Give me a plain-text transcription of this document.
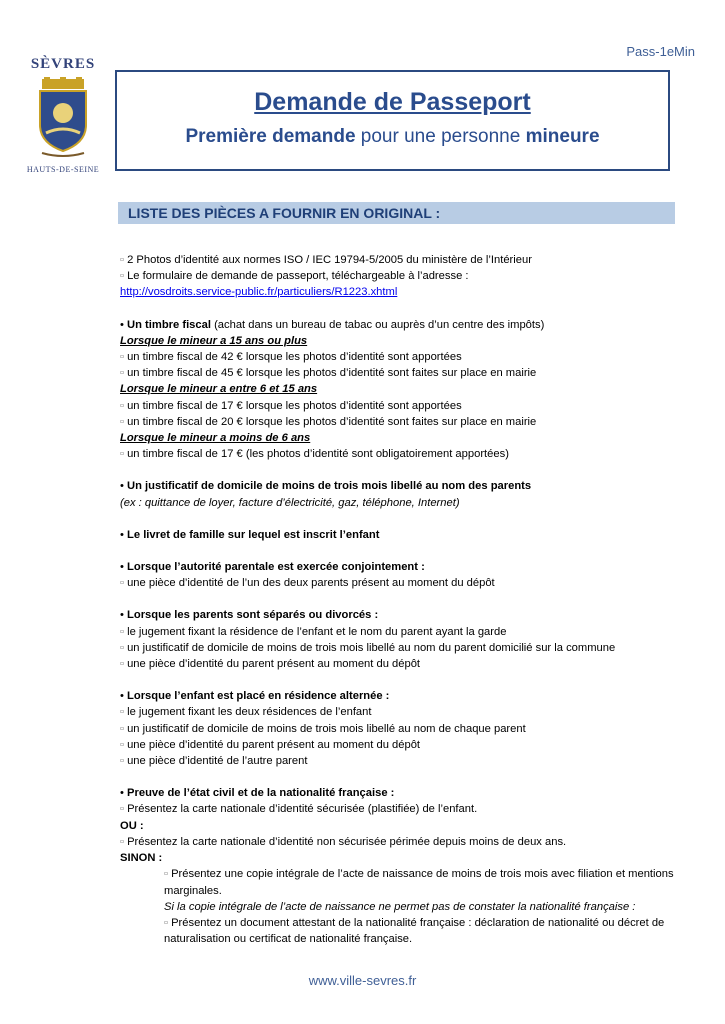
Pass-1eMin
SÈVRES
HAUTS-DE-SEINE
Demande de Passeport
Première demande pour une personne mineure
LISTE DES PIÈCES A FOURNIR EN ORIGINAL :
▫ 2 Photos d’identité aux normes ISO / IEC 19794-5/2005 du ministère de l’Intérieur
▫ Le formulaire de demande de passeport, téléchargeable à l’adresse :
http://vosdroits.service-public.fr/particuliers/R1223.xhtml
• Un timbre fiscal (achat dans un bureau de tabac ou auprès d’un centre des impôts)
Lorsque le mineur a 15 ans ou plus
▫ un timbre fiscal de 42 € lorsque les photos d’identité sont apportées
▫ un timbre fiscal de 45 € lorsque les photos d’identité sont faites sur place en mairie
Lorsque le mineur a entre 6 et 15 ans
▫ un timbre fiscal de 17 € lorsque les photos d’identité sont apportées
▫ un timbre fiscal de 20 € lorsque les photos d’identité sont faites sur place en mairie
Lorsque le mineur a moins de 6 ans
▫ un timbre fiscal de 17 € (les photos d’identité sont obligatoirement apportées)
• Un justificatif de domicile de moins de trois mois libellé au nom des parents
(ex : quittance de loyer, facture d’électricité, gaz, téléphone, Internet)
• Le livret de famille sur lequel est inscrit l’enfant
• Lorsque l’autorité parentale est exercée conjointement :
▫ une pièce d’identité de l’un des deux parents présent au moment du dépôt
• Lorsque les parents sont séparés ou divorcés :
▫ le jugement fixant la résidence de l’enfant et le nom du parent ayant la garde
▫ un justificatif de domicile de moins de trois mois libellé au nom du parent domicilié sur la commune
▫ une pièce d’identité du parent présent au moment du dépôt
• Lorsque l’enfant est placé en résidence alternée :
▫ le jugement fixant les deux résidences de l’enfant
▫ un justificatif de domicile de moins de trois mois libellé au nom de chaque parent
▫ une pièce d’identité du parent présent au moment du dépôt
▫ une pièce d’identité de l’autre parent
• Preuve de l’état civil et de la nationalité française :
▫ Présentez la carte nationale d’identité sécurisée (plastifiée) de l’enfant.
OU :
▫ Présentez la carte nationale d’identité non sécurisée périmée depuis moins de deux ans.
SINON :
▫ Présentez une copie intégrale de l’acte de naissance de moins de trois mois avec filiation et mentions marginales.
Si la copie intégrale de l’acte de naissance ne permet pas de constater la nationalité française :
▫ Présentez un document attestant de la nationalité française : déclaration de nationalité ou décret de naturalisation ou certificat de nationalité française.
www.ville-sevres.fr
